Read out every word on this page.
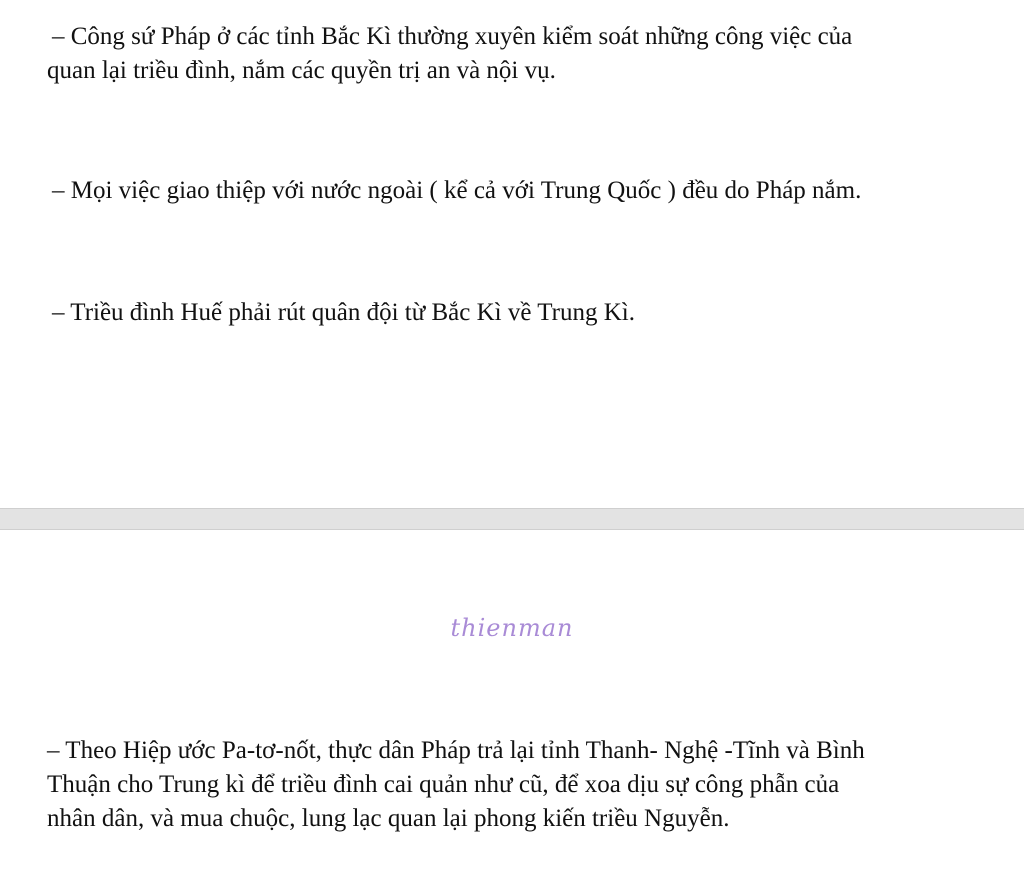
– Công sứ Pháp ở các tỉnh Bắc Kì thường xuyên kiểm soát những công việc của

quan lại triều đình, nắm các quyền trị an và nội vụ.

– Mọi việc giao thiệp với nước ngoài ( kể cả với Trung Quốc ) đều do Pháp nắm.

– Triều đình Huế phải rút quân đội từ Bắc Kì về Trung Kì.

thienman

– Theo Hiệp ước Pa-tơ-nốt, thực dân Pháp trả lại tỉnh Thanh- Nghệ -Tĩnh và Bình

Thuận cho Trung kì để triều đình cai quản như cũ, để xoa dịu sự công phẫn của

nhân dân, và mua chuộc, lung lạc quan lại phong kiến triều Nguyễn.
